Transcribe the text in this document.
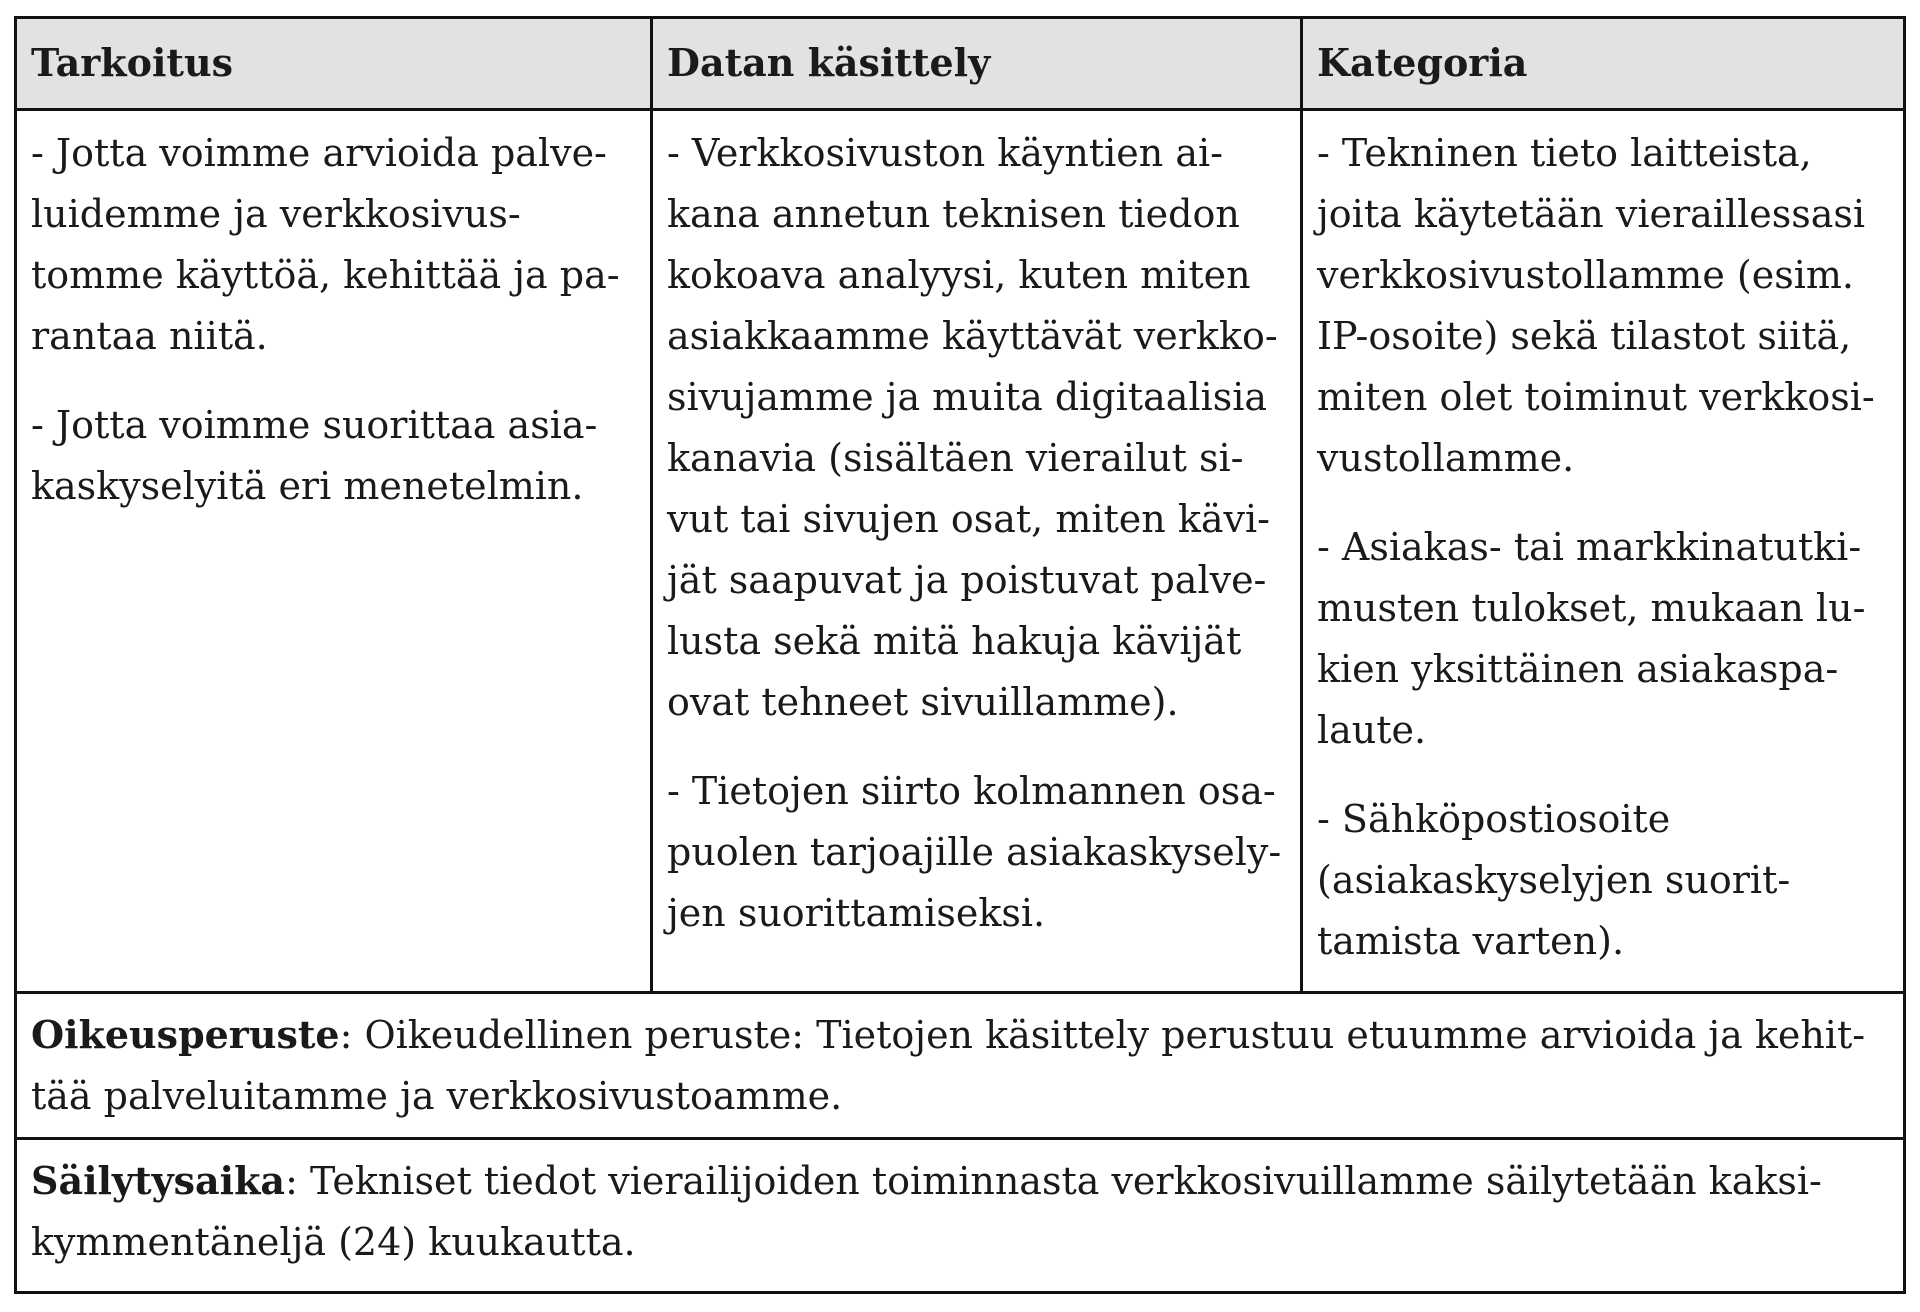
Tarkoitus	Datan käsittely	Kategoria
- Jotta voimme arvioida palve-
luidemme ja verkkosivus-
tomme käyttöä, kehittää ja pa-
rantaa niitä.
- Jotta voimme suorittaa asia-
kaskyselyitä eri menetelmin.
- Verkkosivuston käyntien ai-
kana annetun teknisen tiedon
kokoava analyysi, kuten miten
asiakkaamme käyttävät verkko-
sivujamme ja muita digitaalisia
kanavia (sisältäen vierailut si-
vut tai sivujen osat, miten kävi-
jät saapuvat ja poistuvat palve-
lusta sekä mitä hakuja kävijät
ovat tehneet sivuillamme).
- Tietojen siirto kolmannen osa-
puolen tarjoajille asiakaskysely-
jen suorittamiseksi.
- Tekninen tieto laitteista,
joita käytetään vieraillessasi
verkkosivustollamme (esim.
IP-osoite) sekä tilastot siitä,
miten olet toiminut verkkosi-
vustollamme.
- Asiakas- tai markkinatutki-
musten tulokset, mukaan lu-
kien yksittäinen asiakaspa-
laute.
- Sähköpostiosoite
(asiakaskyselyjen suorit-
tamista varten).
Oikeusperuste: Oikeudellinen peruste: Tietojen käsittely perustuu etuumme arvioida ja kehit-
tää palveluitamme ja verkkosivustoamme.
Säilytysaika: Tekniset tiedot vierailijoiden toiminnasta verkkosivuillamme säilytetään kaksi-
kymmentäneljä (24) kuukautta.
